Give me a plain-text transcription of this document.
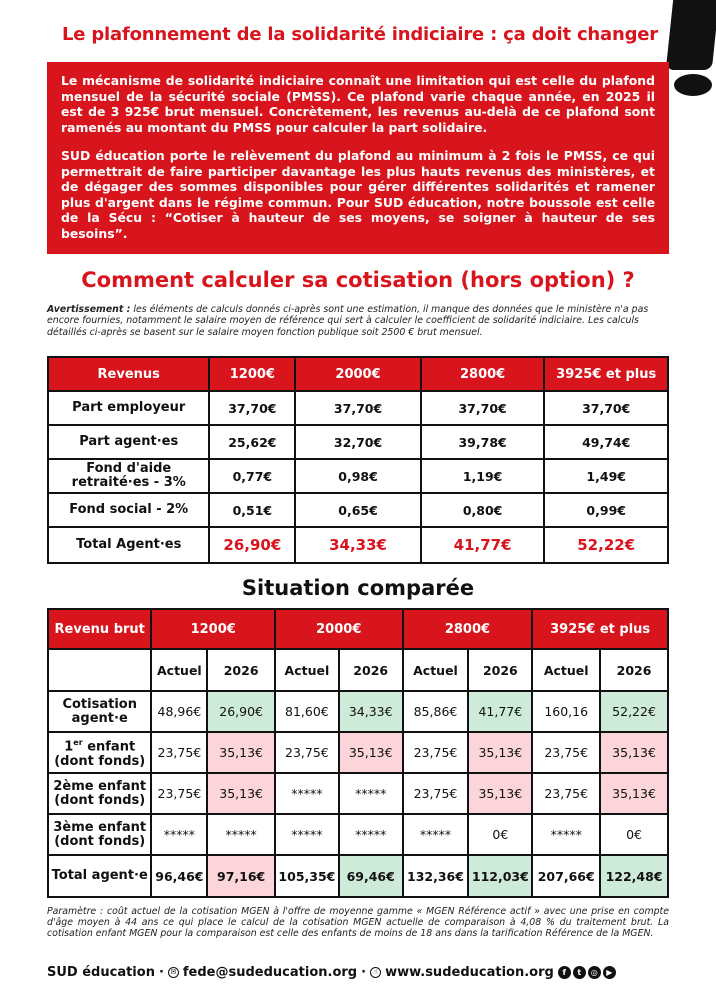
Le plafonnement de la solidarité indiciaire : ça doit changer

Le mécanisme de solidarité indiciaire connaît une limitation qui est celle du plafond mensuel de la sécurité sociale (PMSS). Ce plafond varie chaque année, en 2025 il est de 3 925€ brut mensuel. Concrètement, les revenus au-delà de ce plafond sont ramenés au montant du PMSS pour calculer la part solidaire.

SUD éducation porte le relèvement du plafond au minimum à 2 fois le PMSS, ce qui permettrait de faire participer davantage les plus hauts revenus des ministères, et de dégager des sommes disponibles pour gérer différentes solidarités et ramener plus d'argent dans le régime commun. Pour SUD éducation, notre boussole est celle de la Sécu : “Cotiser à hauteur de ses moyens, se soigner à hauteur de ses besoins”.

Comment calculer sa cotisation (hors option) ?
Avertissement : les éléments de calculs donnés ci-après sont une estimation, il manque des données que le ministère n'a pas encore fournies, notamment le salaire moyen de référence qui sert à calculer le coefficient de solidarité indiciaire. Les calculs détaillés ci-après se basent sur le salaire moyen fonction publique soit 2500 € brut mensuel.
Revenus	1200€	2000€	2800€	3925€ et plus
Part employeur	37,70€	37,70€	37,70€	37,70€
Part agent·es	25,62€	32,70€	39,78€	49,74€
Fond d'aide retraité·es - 3%	0,77€	0,98€	1,19€	1,49€
Fond social - 2%	0,51€	0,65€	0,80€	0,99€
Total Agent·es	26,90€	34,33€	41,77€	52,22€
Situation comparée
Revenu brut	1200€		2000€		2800€		3925€ et plus	
	Actuel	2026	Actuel	2026	Actuel	2026	Actuel	2026
Cotisation agent·e	48,96€	26,90€	81,60€	34,33€	85,86€	41,77€	160,16	52,22€
1er enfant (dont fonds)	23,75€	35,13€	23,75€	35,13€	23,75€	35,13€	23,75€	35,13€
2ème enfant (dont fonds)	23,75€	35,13€	*****	*****	23,75€	35,13€	23,75€	35,13€
3ème enfant (dont fonds)	*****	*****	*****	*****	*****	0€	*****	0€
Total agent·e	96,46€	97,16€	105,35€	69,46€	132,36€	112,03€	207,66€	122,48€
Paramètre : coût actuel de la cotisation MGEN à l'offre de moyenne gamme « MGEN Référence actif » avec une prise en compte d'âge moyen à 44 ans ce qui place le calcul de la cotisation MGEN actuelle de comparaison à 4,08 % du traitement brut. La cotisation enfant MGEN pour la comparaison est celle des enfants de moins de 18 ans dans la tarification Référence de la MGEN.
SUD éducation · ✉ fede@sudeducation.org ·	☝ www.sudeducation.org	f	t	◎	▶
